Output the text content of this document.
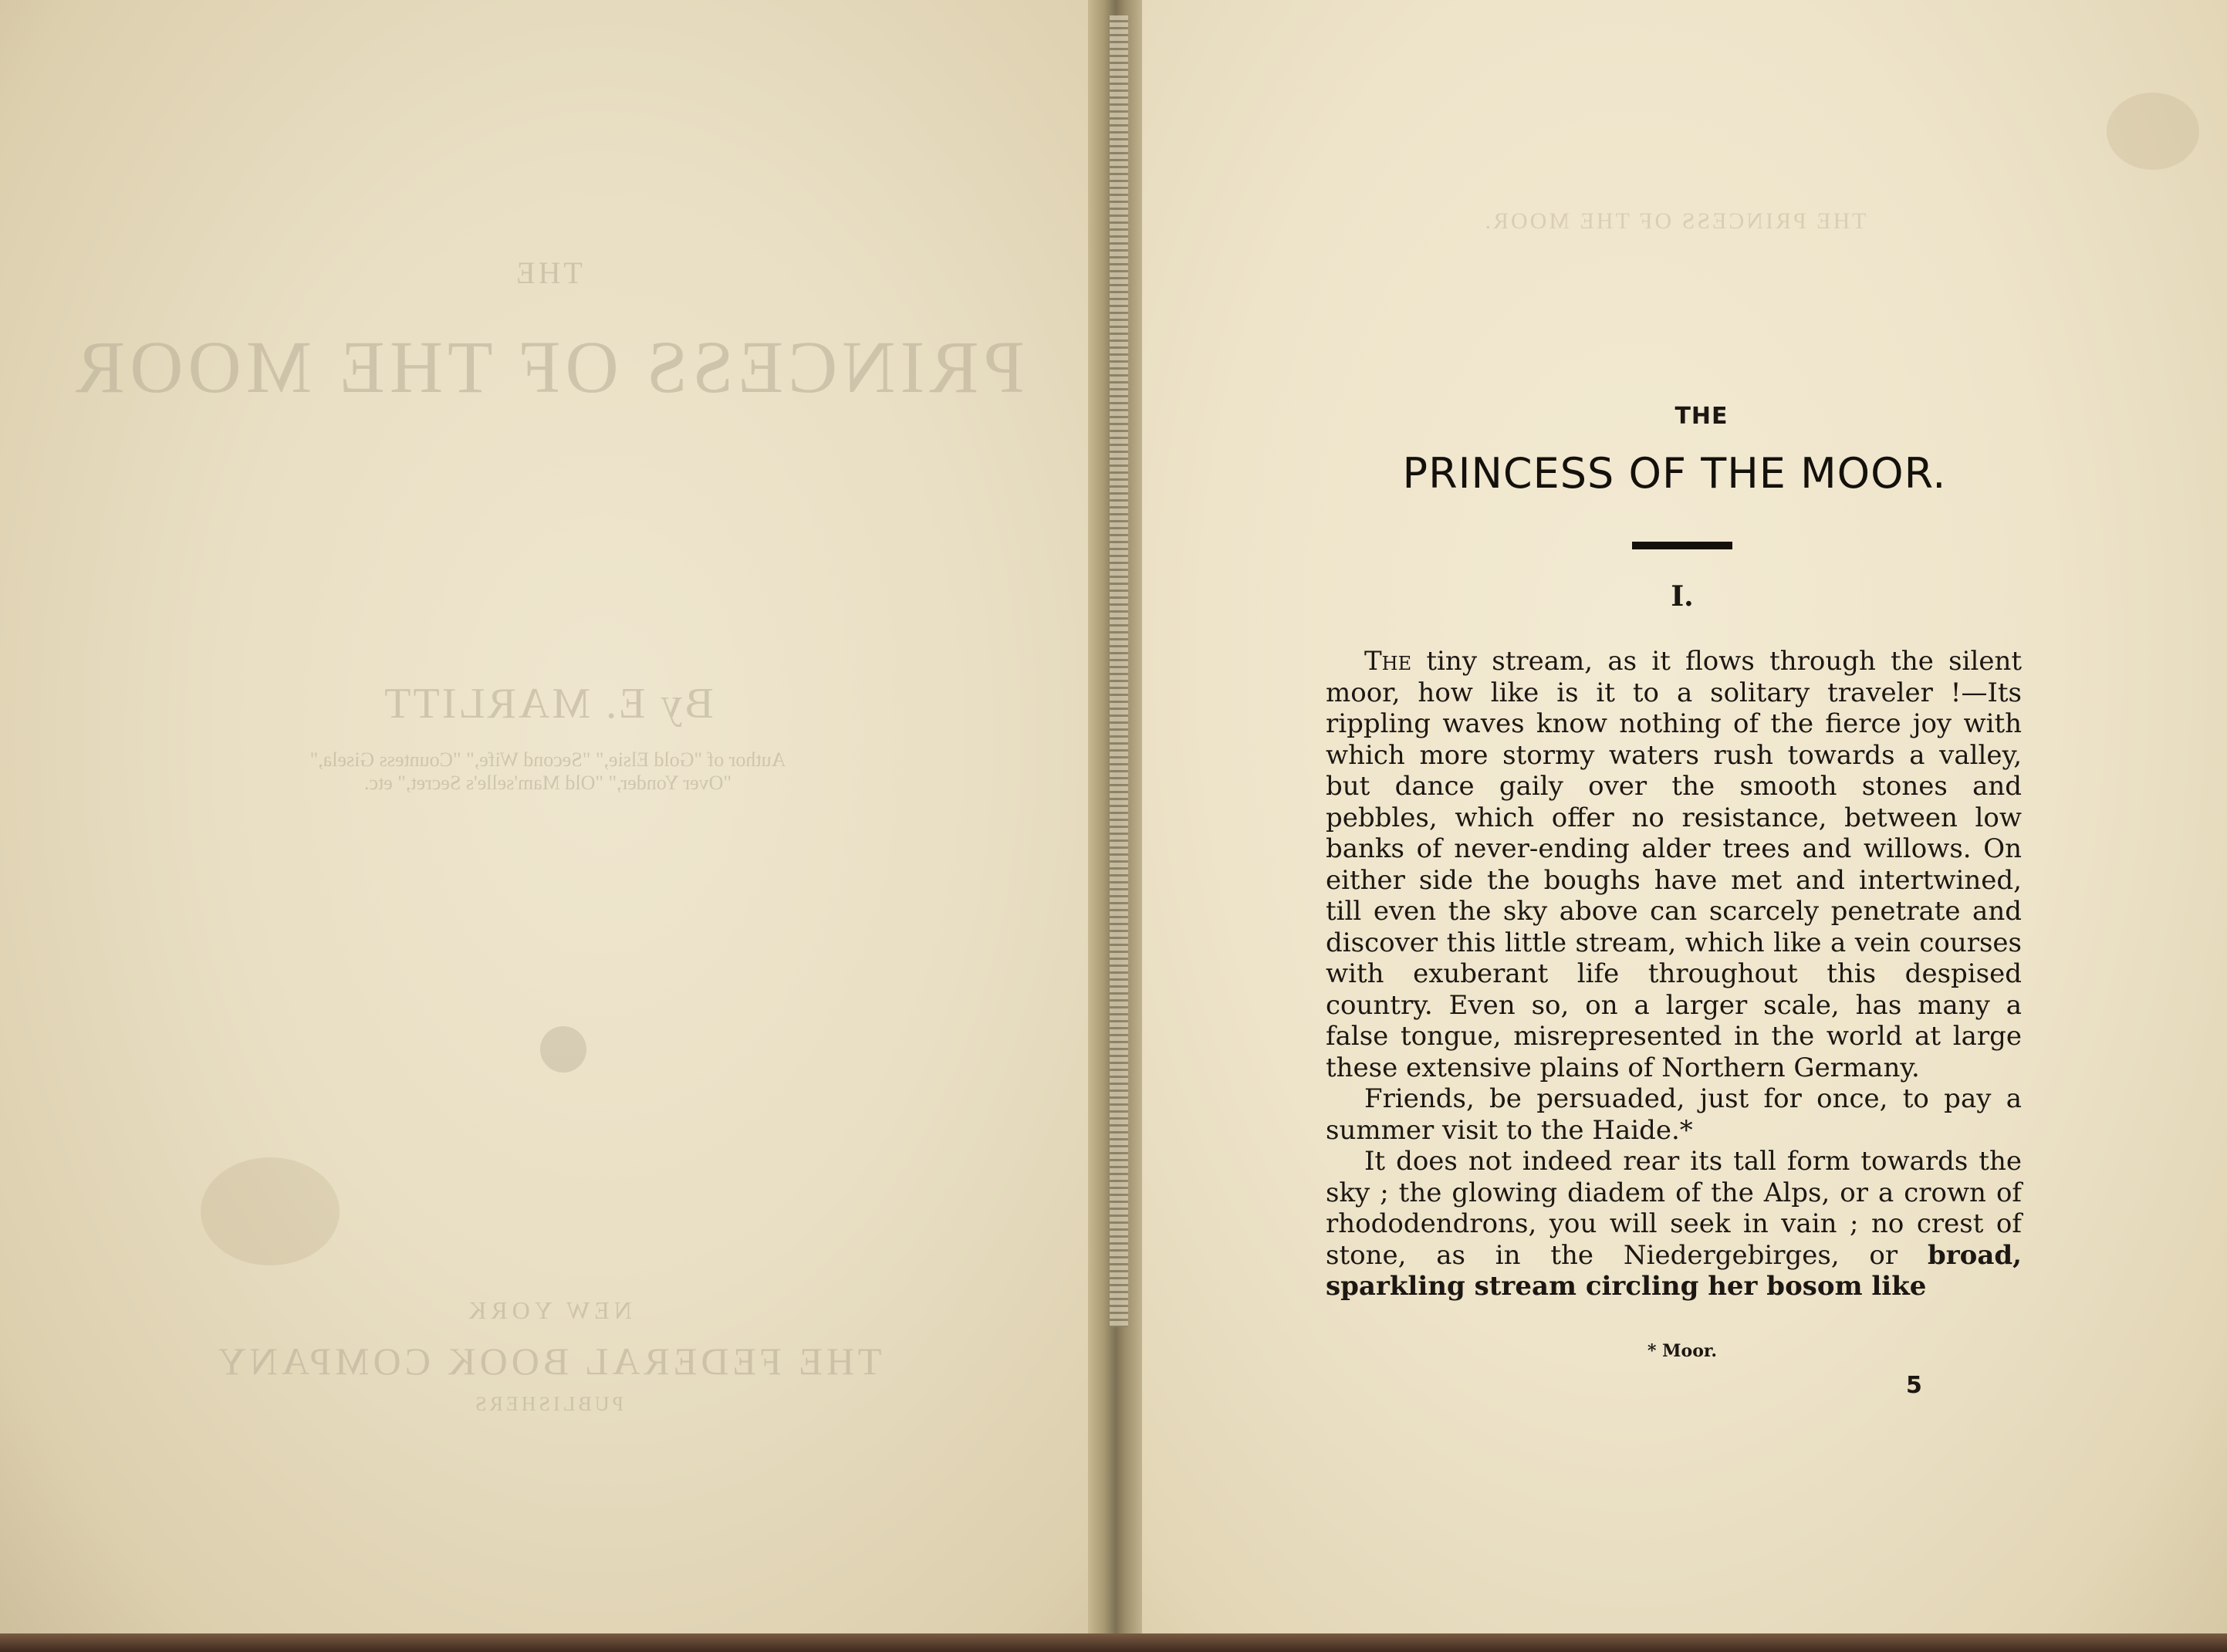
THE
PRINCESS OF THE MOOR
By E. MARLITT
Author of "Gold Elsie," "Second Wife," "Countess Gisela,"
"Over Yonder," "Old Mam'selle's Secret," etc.
NEW YORK
THE FEDERAL BOOK COMPANY
PUBLISHERS
THE PRINCESS OF THE MOOR.
THE
PRINCESS OF THE MOOR.
I.

The tiny stream, as it flows through the silent moor, how like is it to a solitary traveler !—Its rippling waves know nothing of the fierce joy with which more stormy waters rush towards a valley, but dance gaily over the smooth stones and pebbles, which offer no resistance, between low banks of never-ending alder trees and willows. On either side the boughs have met and intertwined, till even the sky above can scarcely penetrate and discover this little stream, which like a vein courses with exuberant life throughout this despised country. Even so, on a larger scale, has many a false tongue, misrepresented in the world at large these extensive plains of Northern Germany.

Friends, be persuaded, just for once, to pay a summer visit to the Haide.*

It does not indeed rear its tall form towards the sky ; the glowing diadem of the Alps, or a crown of rhododendrons, you will seek in vain ; no crest of stone, as in the Niedergebirges, or broad, sparkling stream circling her bosom like

* Moor.
5
